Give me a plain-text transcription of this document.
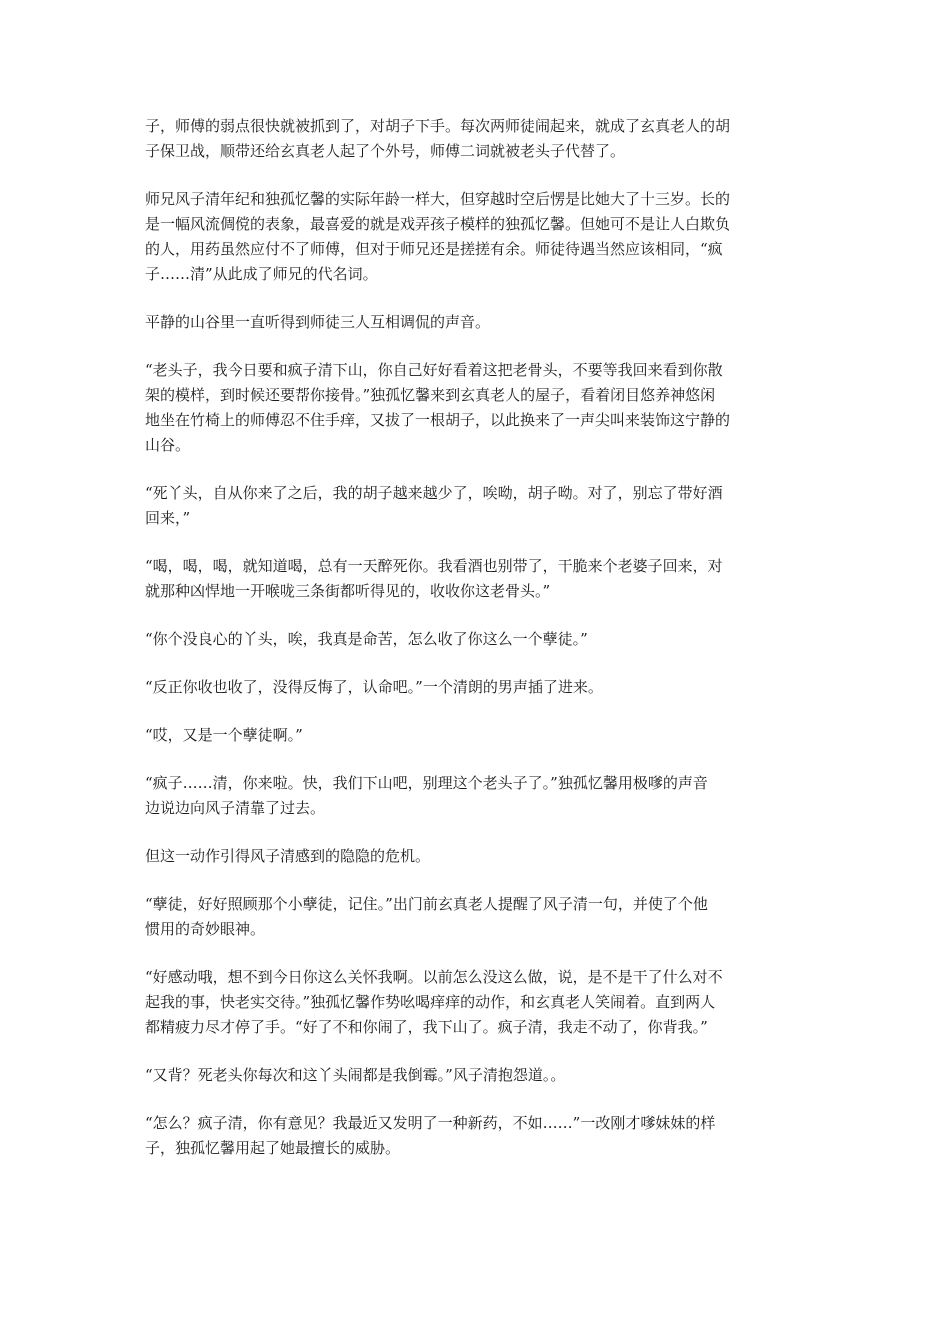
子，师傅的弱点很快就被抓到了，对胡子下手。每次两师徒闹起来，就成了玄真老人的胡
子保卫战，顺带还给玄真老人起了个外号，师傅二词就被老头子代替了。

师兄风子清年纪和独孤忆馨的实际年龄一样大，但穿越时空后愣是比她大了十三岁。长的
是一幅风流倜傥的表象，最喜爱的就是戏弄孩子模样的独孤忆馨。但她可不是让人白欺负
的人，用药虽然应付不了师傅，但对于师兄还是搓搓有余。师徒待遇当然应该相同，“疯
子……清”从此成了师兄的代名词。

平静的山谷里一直听得到师徒三人互相调侃的声音。

“老头子，我今日要和疯子清下山，你自己好好看着这把老骨头，不要等我回来看到你散
架的模样，到时候还要帮你接骨。”独孤忆馨来到玄真老人的屋子，看着闭目悠养神悠闲
地坐在竹椅上的师傅忍不住手痒，又拔了一根胡子，以此换来了一声尖叫来装饰这宁静的
山谷。

“死丫头，自从你来了之后，我的胡子越来越少了，唉呦，胡子呦。对了，别忘了带好酒
回来，”

“喝，喝，喝，就知道喝，总有一天醉死你。我看酒也别带了，干脆来个老婆子回来，对
就那种凶悍地一开喉咙三条街都听得见的，收收你这老骨头。”

“你个没良心的丫头，唉，我真是命苦，怎么收了你这么一个孽徒。”

“反正你收也收了，没得反悔了，认命吧。”一个清朗的男声插了进来。

“哎，又是一个孽徒啊。”

“疯子……清，你来啦。快，我们下山吧，别理这个老头子了。”独孤忆馨用极嗲的声音
边说边向风子清靠了过去。

但这一动作引得风子清感到的隐隐的危机。

“孽徒，好好照顾那个小孽徒，记住。”出门前玄真老人提醒了风子清一句，并使了个他
惯用的奇妙眼神。

“好感动哦，想不到今日你这么关怀我啊。以前怎么没这么做，说，是不是干了什么对不
起我的事，快老实交待。”独孤忆馨作势吆喝痒痒的动作，和玄真老人笑闹着。直到两人
都精疲力尽才停了手。“好了不和你闹了，我下山了。疯子清，我走不动了，你背我。”

“又背？死老头你每次和这丫头闹都是我倒霉。”风子清抱怨道。。

“怎么？疯子清，你有意见？我最近又发明了一种新药，不如……”一改刚才嗲妹妹的样
子，独孤忆馨用起了她最擅长的威胁。
